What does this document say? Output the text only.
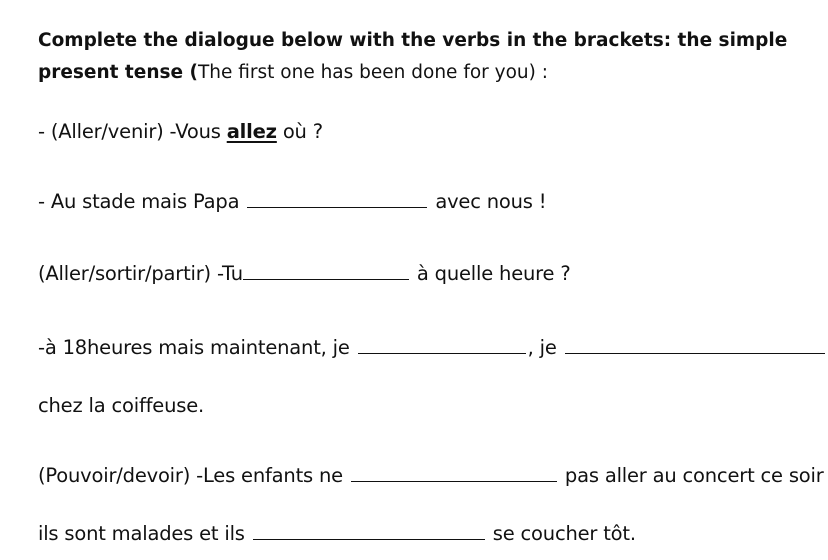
Complete the dialogue below with the verbs in the brackets: the simple
present tense (The first one has been done for you) :
- (Aller/venir) -Vous allez où ?
- Au stade mais Papa	avec nous !
(Aller/sortir/partir) -Tu	à quelle heure ?
-à 18heures mais maintenant, je	, je
chez la coiffeuse.
(Pouvoir/devoir) -Les enfants ne	pas aller au concert ce soir
ils sont malades et ils	se coucher tôt.
